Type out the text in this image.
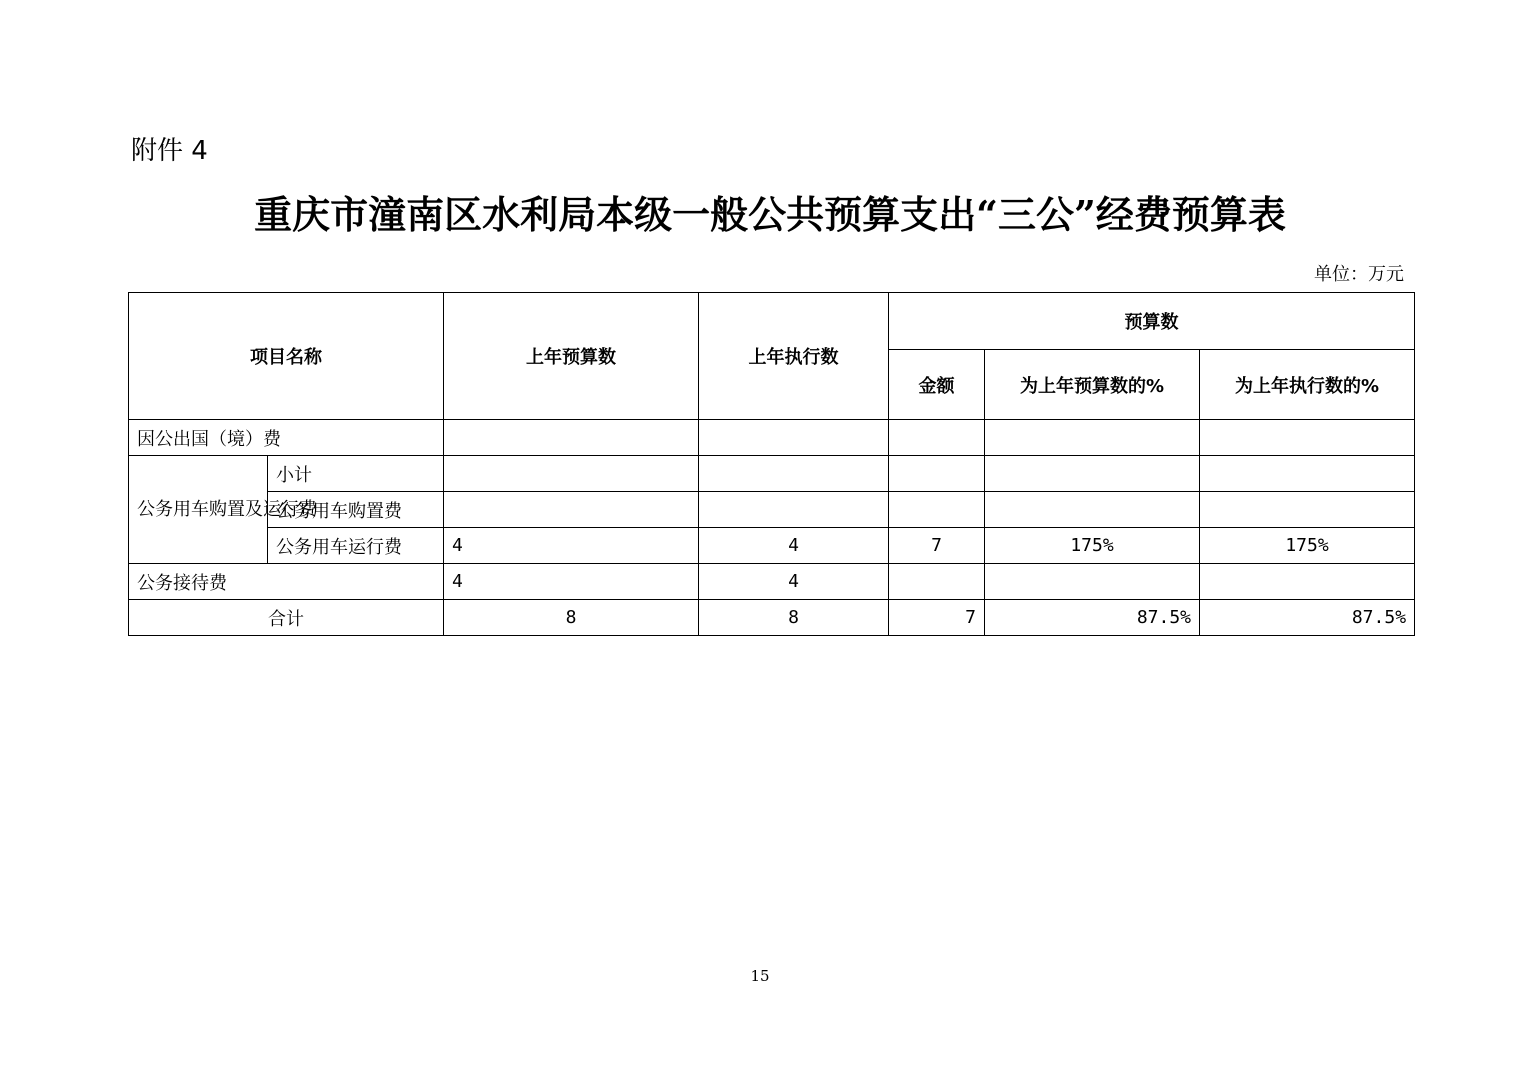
附件 4
重庆市潼南区水利局本级一般公共预算支出“三公”经费预算表
单位：万元
项目名称		上年预算数	上年执行数	预算数		
				金额	为上年预算数的%	为上年执行数的%
因公出国（境）费						
公务用车购置及运行费	小计					
	公务用车购置费					
	公务用车运行费	4	4	7	175%	175%
公务接待费		4	4			
合计		8	8	7	87.5%	87.5%
15
